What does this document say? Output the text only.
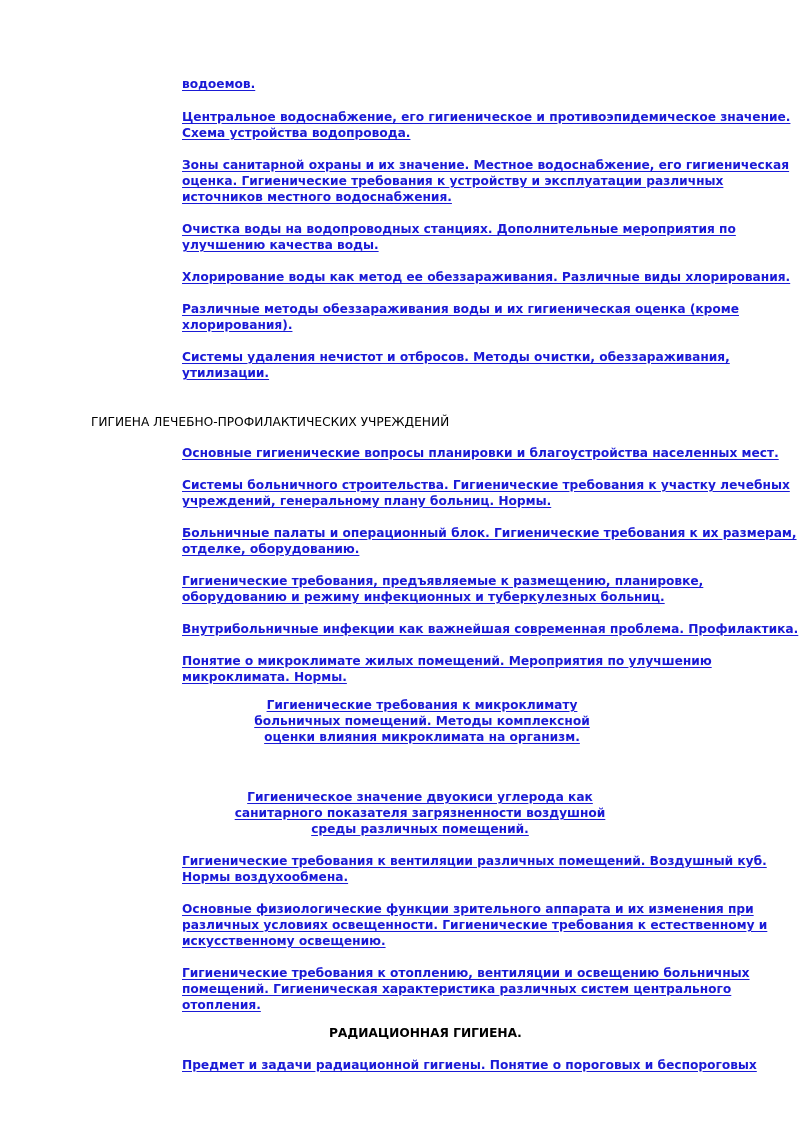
водоемов.
Центральное водоснабжение, его гигиеническое и противоэпидемическое значение.
Схема устройства водопровода.
Зоны санитарной охраны и их значение. Местное водоснабжение, его гигиеническая
оценка. Гигиенические требования к устройству и эксплуатации различных
источников местного водоснабжения.
Очистка воды на водопроводных станциях. Дополнительные мероприятия по
улучшению качества воды.
Хлорирование воды как метод ее обеззараживания. Различные виды хлорирования.
Различные методы обеззараживания воды и их гигиеническая оценка (кроме
хлорирования).
Системы удаления нечистот и отбросов. Методы очистки, обеззараживания,
утилизации.
ГИГИЕНА ЛЕЧЕБНО-ПРОФИЛАКТИЧЕСКИХ УЧРЕЖДЕНИЙ
Основные гигиенические вопросы планировки и благоустройства населенных мест.
Системы больничного строительства. Гигиенические требования к участку лечебных
учреждений, генеральному плану больниц. Нормы.
Больничные палаты и операционный блок. Гигиенические требования к их размерам,
отделке, оборудованию.
Гигиенические требования, предъявляемые к размещению, планировке,
оборудованию и режиму инфекционных и туберкулезных больниц.
Внутрибольничные инфекции как важнейшая современная проблема. Профилактика.
Понятие о микроклимате жилых помещений. Мероприятия по улучшению
микроклимата. Нормы.
Гигиенические требования к микроклимату
больничных помещений. Методы комплексной
оценки влияния микроклимата на организм.
Гигиеническое значение двуокиси углерода как
санитарного показателя загрязненности воздушной
среды различных помещений.
Гигиенические требования к вентиляции различных помещений. Воздушный куб.
Нормы воздухообмена.
Основные физиологические функции зрительного аппарата и их изменения при
различных условиях освещенности. Гигиенические требования к естественному и
искусственному освещению.
Гигиенические требования к отоплению, вентиляции и освещению больничных
помещений. Гигиеническая характеристика различных систем центрального
отопления.
РАДИАЦИОННАЯ ГИГИЕНА.
Предмет и задачи радиационной гигиены. Понятие о пороговых и беспороговых
